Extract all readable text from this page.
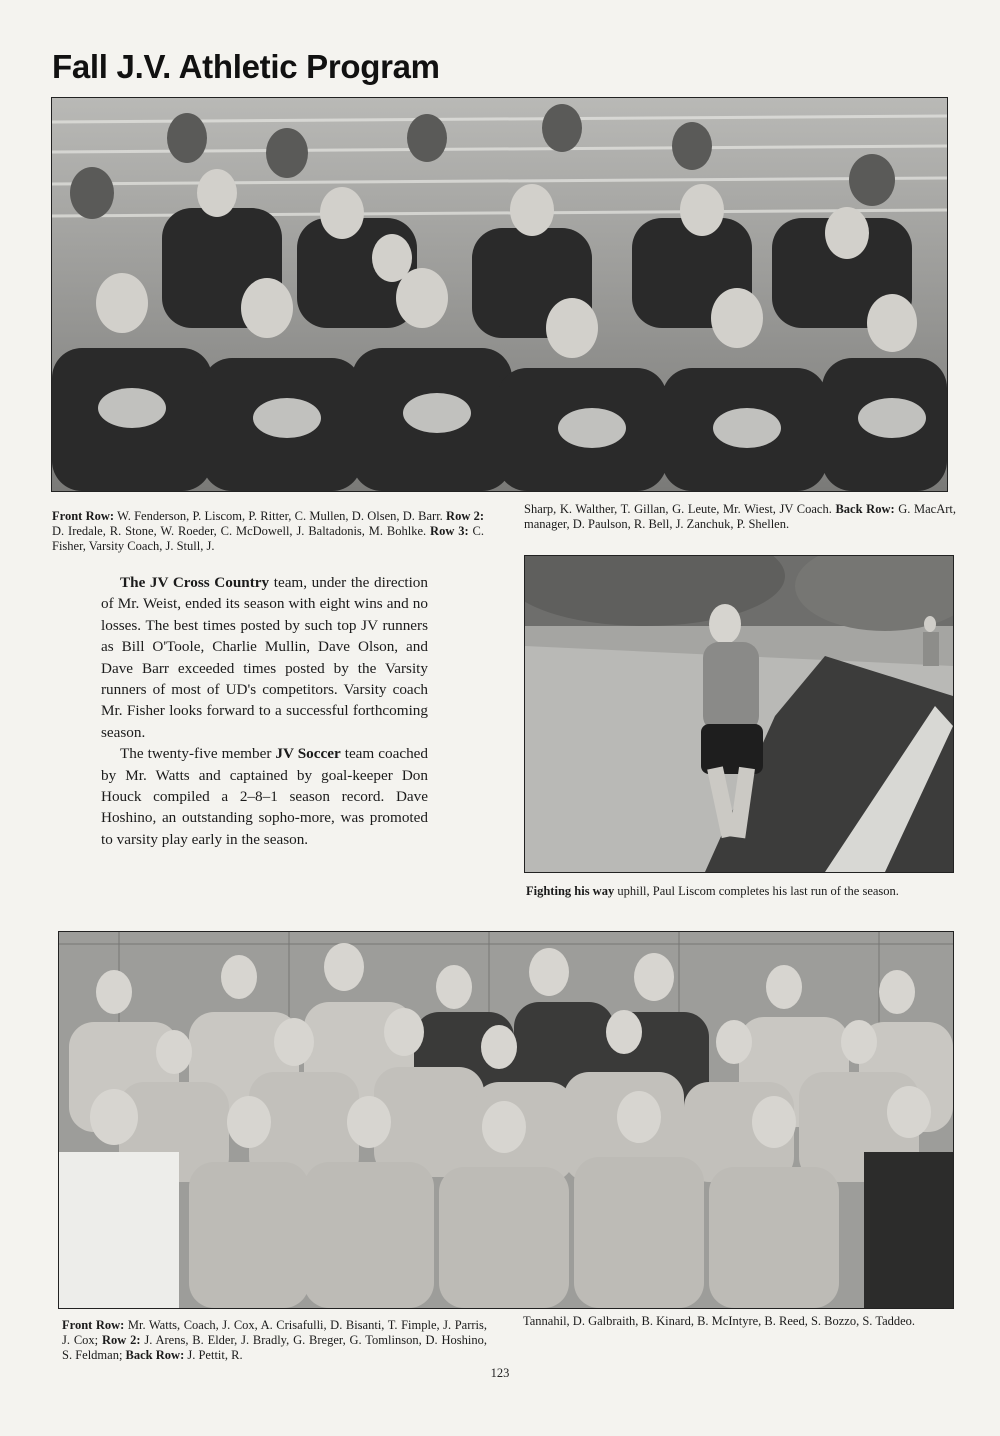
Fall J.V. Athletic Program

Front Row: W. Fenderson, P. Liscom, P. Ritter, C. Mullen, D. Olsen, D. Barr. Row 2: D. Iredale, R. Stone, W. Roeder, C. McDowell, J. Baltadonis, M. Bohlke. Row 3: C. Fisher, Varsity Coach, J. Stull, J.

Sharp, K. Walther, T. Gillan, G. Leute, Mr. Wiest, JV Coach. Back Row: G. MacArt, manager, D. Paulson, R. Bell, J. Zanchuk, P. Shellen.

The JV Cross Country team, under the direction of Mr. Weist, ended its season with eight wins and no losses. The best times posted by such top JV runners as Bill O'Toole, Charlie Mullin, Dave Olson, and Dave Barr exceeded times posted by the Varsity runners of most of UD's competitors. Varsity coach Mr. Fisher looks forward to a successful forthcoming season.

The twenty-five member JV Soccer team coached by Mr. Watts and captained by goal-keeper Don Houck compiled a 2–8–1 season record. Dave Hoshino, an outstanding sopho-more, was promoted to varsity play early in the season.

Fighting his way uphill, Paul Liscom completes his last run of the season.

Front Row: Mr. Watts, Coach, J. Cox, A. Crisafulli, D. Bisanti, T. Fimple, J. Parris, J. Cox; Row 2: J. Arens, B. Elder, J. Bradly, G. Breger, G. Tomlinson, D. Hoshino, S. Feldman; Back Row: J. Pettit, R.

Tannahil, D. Galbraith, B. Kinard, B. McIntyre, B. Reed, S. Bozzo, S. Taddeo.

123
